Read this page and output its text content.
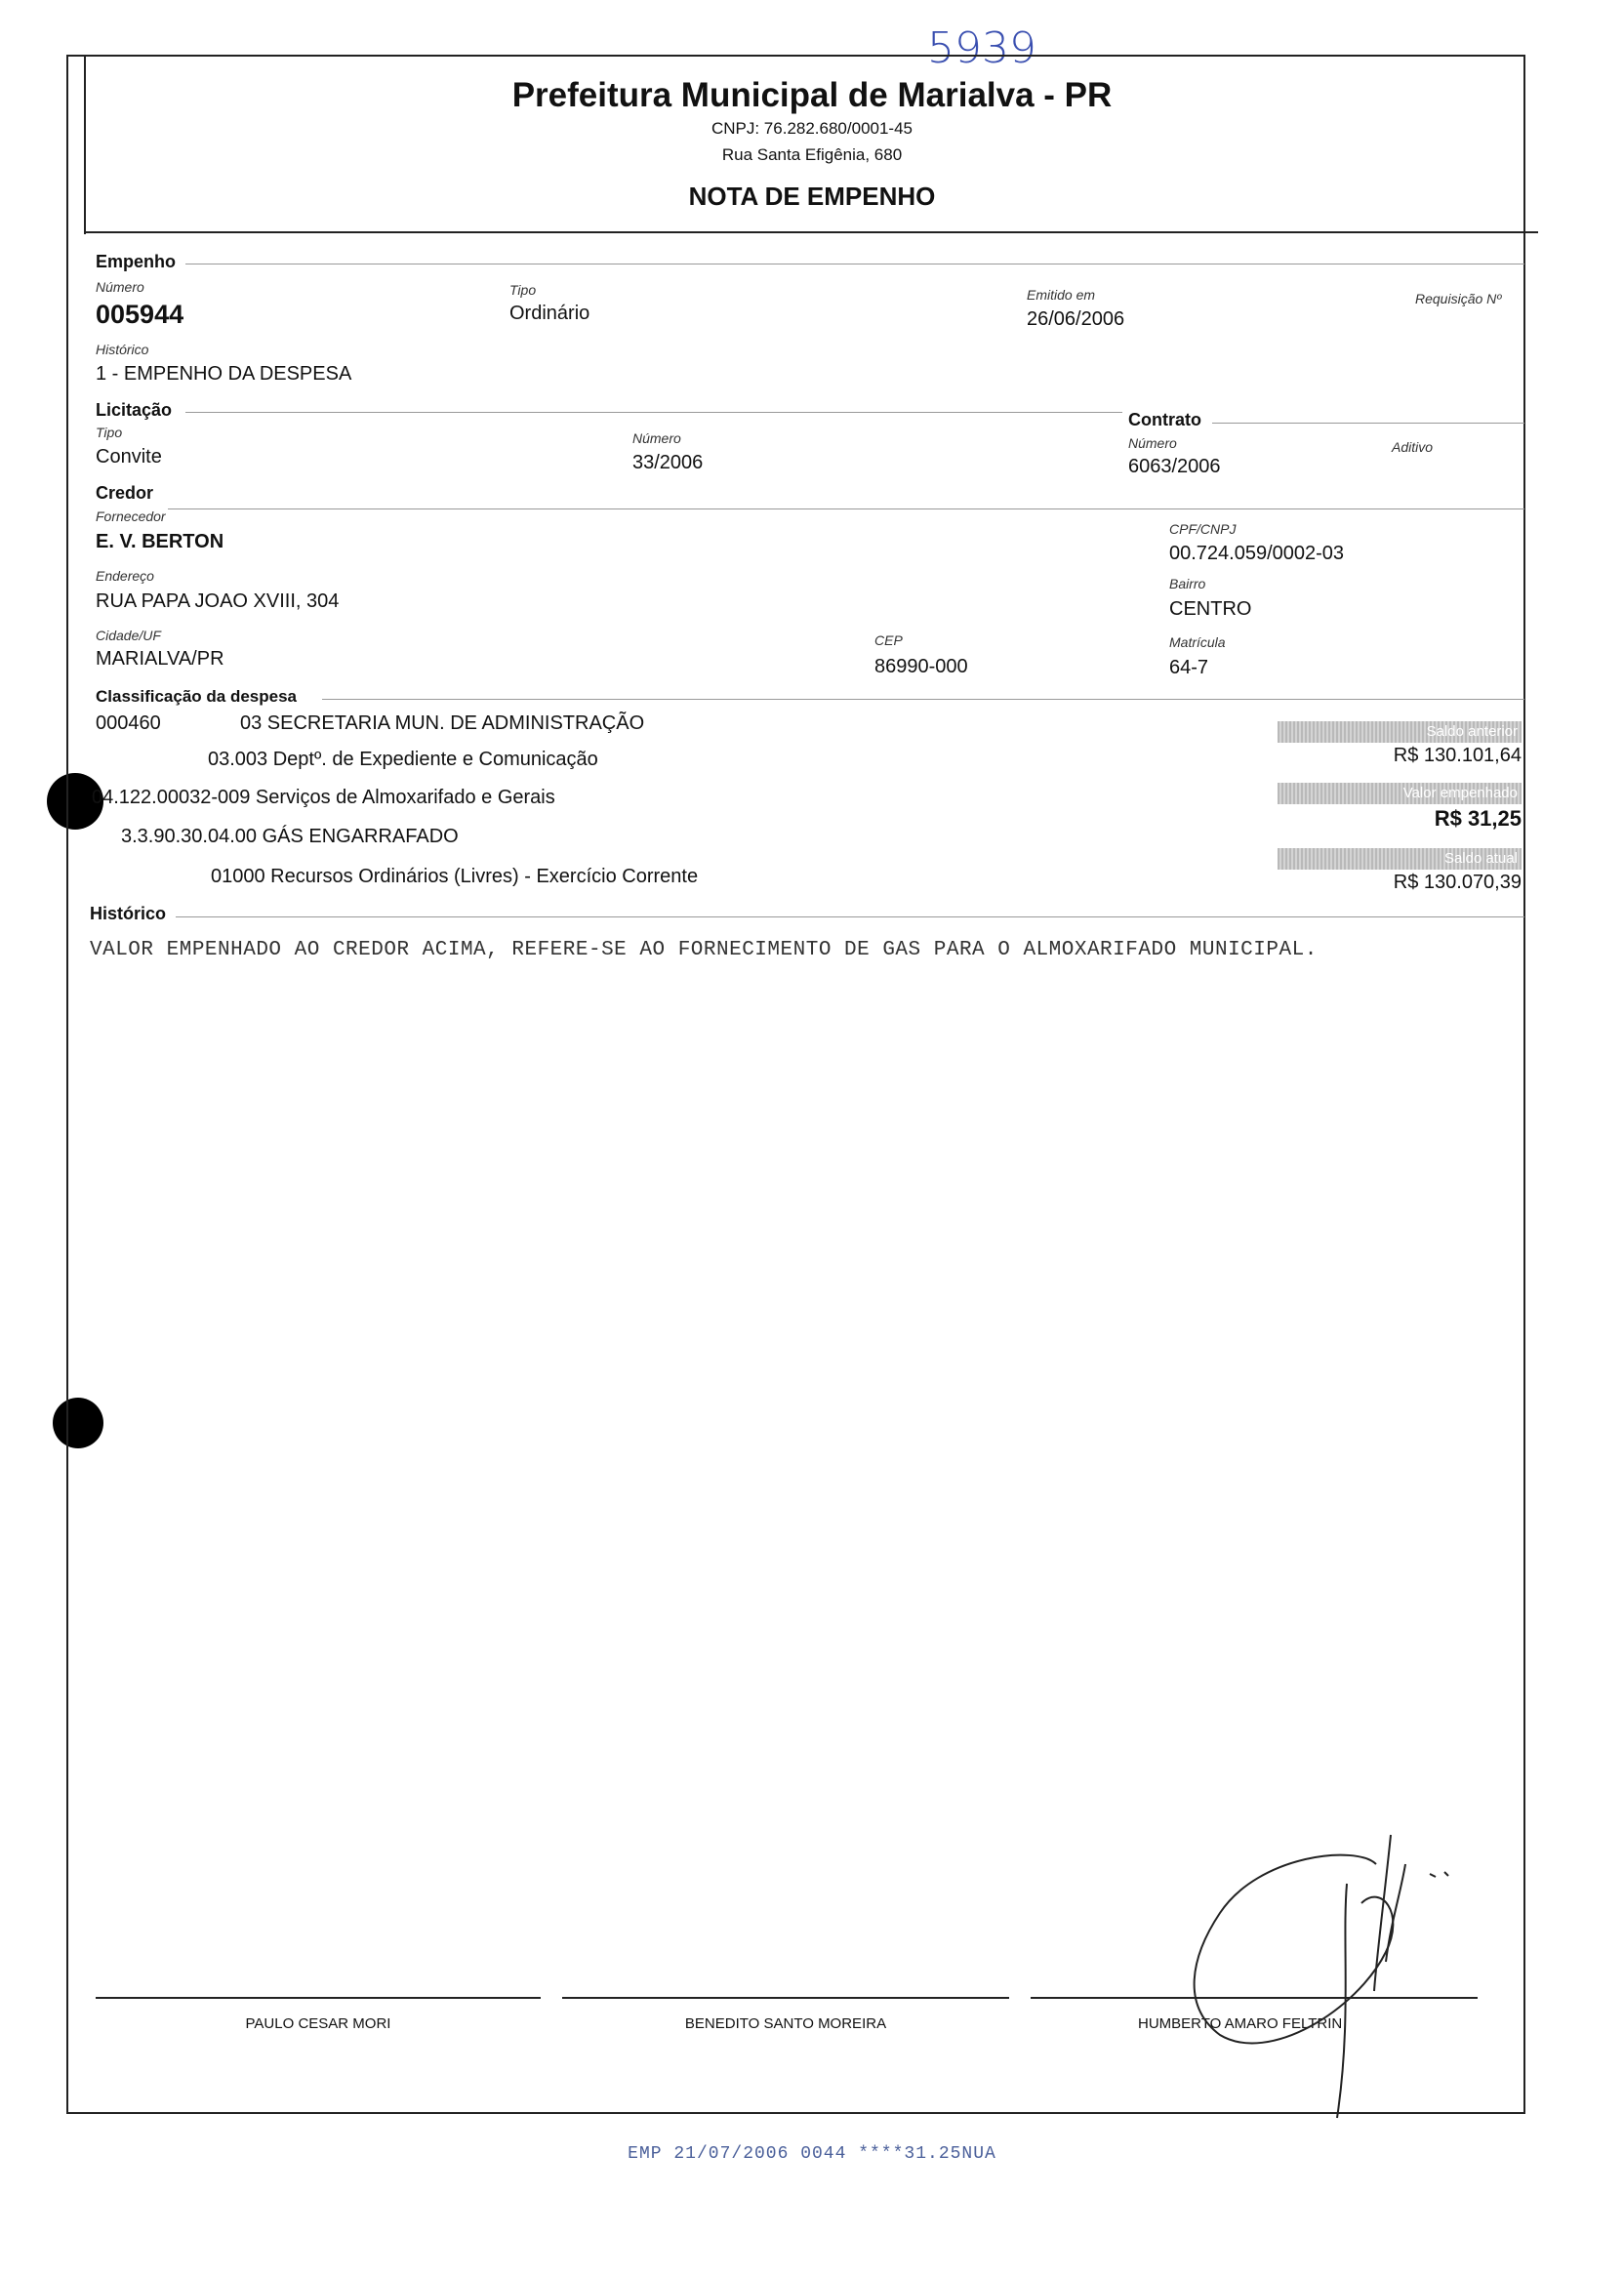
5939
Prefeitura Municipal de Marialva - PR
CNPJ: 76.282.680/0001-45
Rua Santa Efigênia, 680
NOTA DE EMPENHO
Empenho
Número
005944
Tipo
Ordinário
Emitido em
26/06/2006
Requisição Nº
Histórico
1 - EMPENHO DA DESPESA
Licitação
Tipo
Convite
Número
33/2006
Contrato
Número
6063/2006
Aditivo
Credor
Fornecedor
E. V. BERTON
CPF/CNPJ
00.724.059/0002-03
Endereço
RUA PAPA JOAO XVIII, 304
Bairro
CENTRO
Cidade/UF
MARIALVA/PR
CEP
86990-000
Matrícula
64-7
Classificação da despesa
000460	03 SECRETARIA MUN. DE ADMINISTRAÇÃO
03.003 Deptº. de Expediente e Comunicação
04.122.00032-009 Serviços de Almoxarifado e Gerais
3.3.90.30.04.00 GÁS ENGARRAFADO
01000 Recursos Ordinários (Livres) - Exercício Corrente
Saldo anterior
R$ 130.101,64
Valor empenhado
R$ 31,25
Saldo atual
R$ 130.070,39
Histórico
VALOR EMPENHADO AO CREDOR ACIMA, REFERE-SE AO FORNECIMENTO DE GAS PARA O ALMOXARIFADO MUNICIPAL.
PAULO CESAR MORI	BENEDITO SANTO MOREIRA	HUMBERTO AMARO FELTRIN
EMP 21/07/2006 0044 ****31.25NUA
